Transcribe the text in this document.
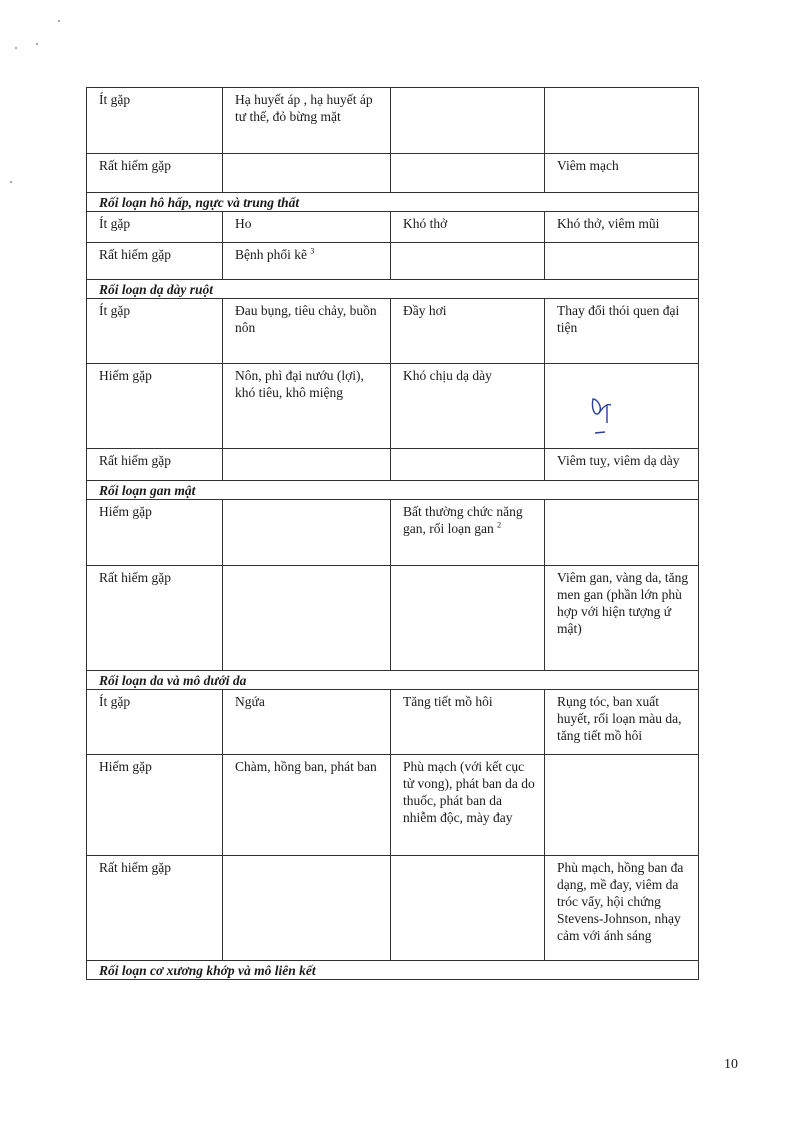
Ít gặp	Hạ huyết áp , hạ huyết áp tư thế, đỏ bừng mặt		
Rất hiếm gặp			Viêm mạch
Rối loạn hô hấp, ngực và trung thất			
Ít gặp	Ho	Khó thở	Khó thở, viêm mũi
Rất hiếm gặp	Bệnh phổi kẽ $^3$		
Rối loạn dạ dày ruột			
Ít gặp	Đau bụng, tiêu chảy, buồn nôn	Đầy hơi	Thay đổi thói quen đại tiện
Hiếm gặp	Nôn, phì đại nướu (lợi), khó tiêu, khô miệng	Khó chịu dạ dày	
Rất hiếm gặp			Viêm tuỵ, viêm dạ dày
Rối loạn gan mật			
Hiếm gặp		Bất thường chức năng gan, rối loạn gan $^2$	
Rất hiếm gặp			Viêm gan, vàng da, tăng men gan (phần lớn phù hợp với hiện tượng ứ mật)
Rối loạn da và mô dưới da			
Ít gặp	Ngứa	Tăng tiết mồ hôi	Rụng tóc, ban xuất huyết, rối loạn màu da, tăng tiết mồ hôi
Hiếm gặp	Chàm, hồng ban, phát ban	Phù mạch (với kết cục tử vong), phát ban da do thuốc, phát ban da nhiễm độc, mày đay	
Rất hiếm gặp			Phù mạch, hồng ban đa dạng, mề đay, viêm da tróc vẩy, hội chứng Stevens-Johnson, nhạy cảm với ánh sáng
Rối loạn cơ xương khớp và mô liên kết			
10
